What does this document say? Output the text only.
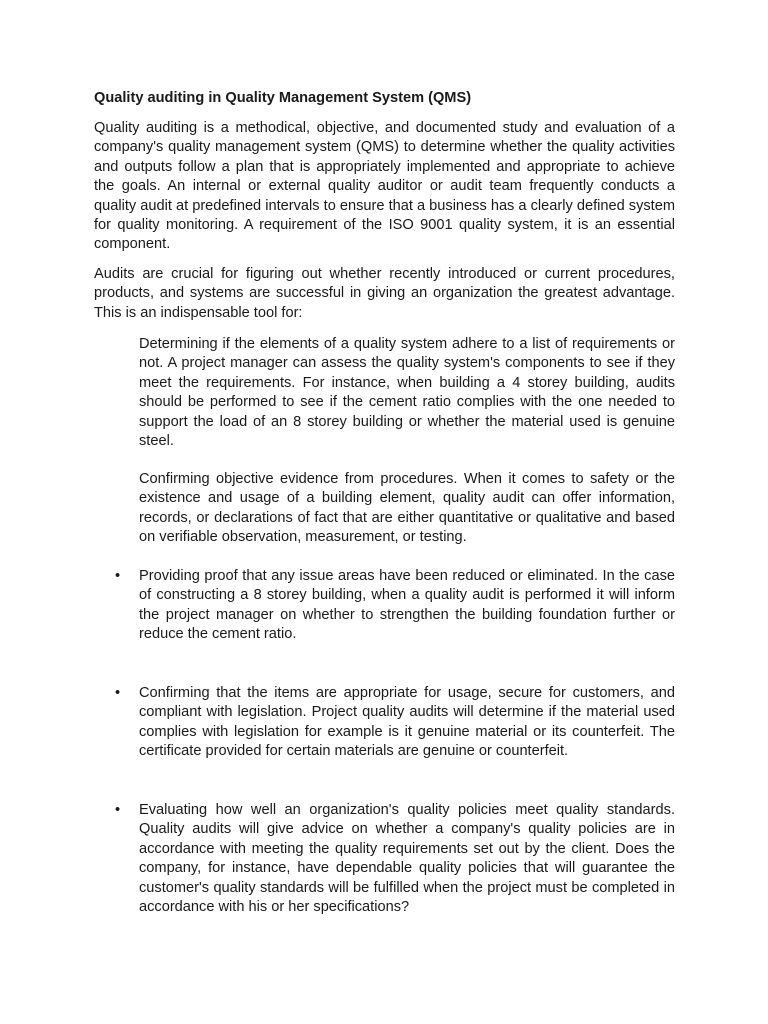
Quality auditing in Quality Management System (QMS)

Quality auditing is a methodical, objective, and documented study and evaluation of a company's quality management system (QMS) to determine whether the quality activities and outputs follow a plan that is appropriately implemented and appropriate to achieve the goals. An internal or external quality auditor or audit team frequently conducts a quality audit at predefined intervals to ensure that a business has a clearly defined system for quality monitoring. A requirement of the ISO 9001 quality system, it is an essential component.

Audits are crucial for figuring out whether recently introduced or current procedures, products, and systems are successful in giving an organization the greatest advantage. This is an indispensable tool for:

Determining if the elements of a quality system adhere to a list of requirements or not. A project manager can assess the quality system's components to see if they meet the requirements. For instance, when building a 4 storey building, audits should be performed to see if the cement ratio complies with the one needed to support the load of an 8 storey building or whether the material used is genuine steel.

Confirming objective evidence from procedures. When it comes to safety or the existence and usage of a building element, quality audit can offer information, records, or declarations of fact that are either quantitative or qualitative and based on verifiable observation, measurement, or testing.

• Providing proof that any issue areas have been reduced or eliminated. In the case of constructing a 8 storey building, when a quality audit is performed it will inform the project manager on whether to strengthen the building foundation further or reduce the cement ratio.

• Confirming that the items are appropriate for usage, secure for customers, and compliant with legislation. Project quality audits will determine if the material used complies with legislation for example is it genuine material or its counterfeit. The certificate provided for certain materials are genuine or counterfeit.

• Evaluating how well an organization's quality policies meet quality standards. Quality audits will give advice on whether a company's quality policies are in accordance with meeting the quality requirements set out by the client. Does the company, for instance, have dependable quality policies that will guarantee the customer's quality standards will be fulfilled when the project must be completed in accordance with his or her specifications?
